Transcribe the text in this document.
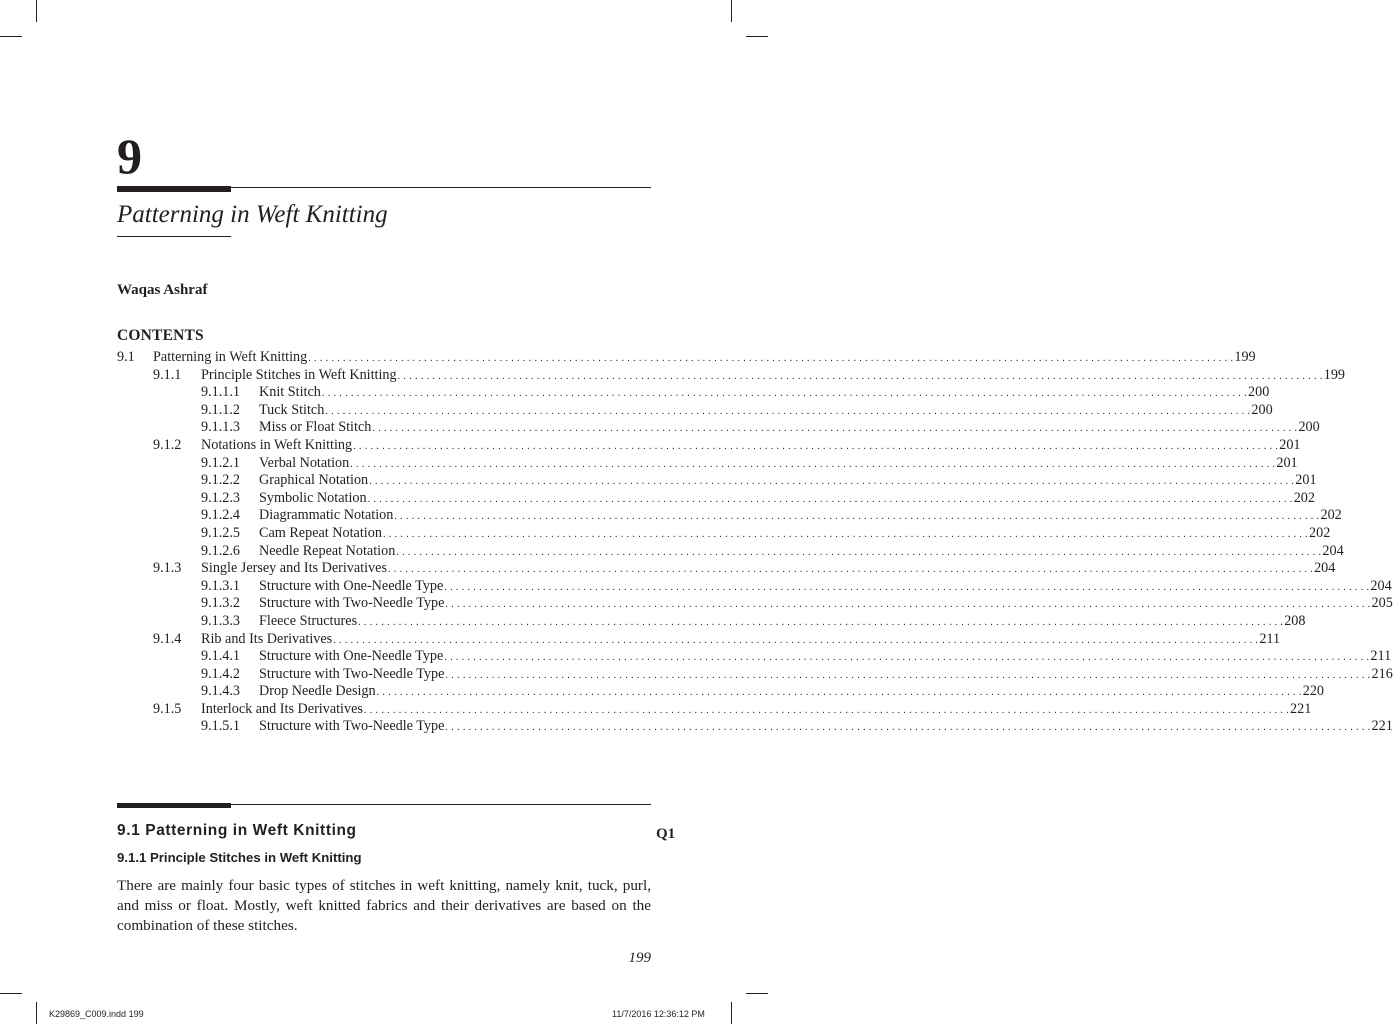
9
Patterning in Weft Knitting
Waqas Ashraf
CONTENTS
9.1	Patterning in Weft Knitting . . . . . . . . . . . . . . . . . . . . . . . . . . . . . . . . . . . . . . . . . . . . . . . . . . . . . . . . . . . . . . . . . . . . . . . . . . . . . . . . . . . . . . . . . . . . . . . . . . . . . . . . . . . . . . . . . . . . . . . . . . . . . . . . . . . . . . . . . . . . . . . . . . . . . . . . . . . . . . . . 199
9.1.1	Principle Stitches in Weft Knitting . . . . . . . . . . . . . . . . . . . . . . . . . . . . . . . . . . . . . . . . . . . . . . . . . . . . . . . . . . . . . . . . . . . . . . . . . . . . . . . . . . . . . . . . . . . . . . . . . . . . . . . . . . . . . . . . . . . . . . . . . . . . . . . . . . . . . . . . . . . . . . . . . . . . . . . . . . . . . . . . 199
9.1.1.1	Knit Stitch . . . . . . . . . . . . . . . . . . . . . . . . . . . . . . . . . . . . . . . . . . . . . . . . . . . . . . . . . . . . . . . . . . . . . . . . . . . . . . . . . . . . . . . . . . . . . . . . . . . . . . . . . . . . . . . . . . . . . . . . . . . . . . . . . . . . . . . . . . . . . . . . . . . . . . . . . . . . . . . . 200
9.1.1.2	Tuck Stitch . . . . . . . . . . . . . . . . . . . . . . . . . . . . . . . . . . . . . . . . . . . . . . . . . . . . . . . . . . . . . . . . . . . . . . . . . . . . . . . . . . . . . . . . . . . . . . . . . . . . . . . . . . . . . . . . . . . . . . . . . . . . . . . . . . . . . . . . . . . . . . . . . . . . . . . . . . . . . . . . 200
9.1.1.3	Miss or Float Stitch . . . . . . . . . . . . . . . . . . . . . . . . . . . . . . . . . . . . . . . . . . . . . . . . . . . . . . . . . . . . . . . . . . . . . . . . . . . . . . . . . . . . . . . . . . . . . . . . . . . . . . . . . . . . . . . . . . . . . . . . . . . . . . . . . . . . . . . . . . . . . . . . . . . . . . . . . . . . . . . . 200
9.1.2	Notations in Weft Knitting . . . . . . . . . . . . . . . . . . . . . . . . . . . . . . . . . . . . . . . . . . . . . . . . . . . . . . . . . . . . . . . . . . . . . . . . . . . . . . . . . . . . . . . . . . . . . . . . . . . . . . . . . . . . . . . . . . . . . . . . . . . . . . . . . . . . . . . . . . . . . . . . . . . . . . . . . . . . . . . . 201
9.1.2.1	Verbal Notation . . . . . . . . . . . . . . . . . . . . . . . . . . . . . . . . . . . . . . . . . . . . . . . . . . . . . . . . . . . . . . . . . . . . . . . . . . . . . . . . . . . . . . . . . . . . . . . . . . . . . . . . . . . . . . . . . . . . . . . . . . . . . . . . . . . . . . . . . . . . . . . . . . . . . . . . . . . . . . . . 201
9.1.2.2	Graphical Notation . . . . . . . . . . . . . . . . . . . . . . . . . . . . . . . . . . . . . . . . . . . . . . . . . . . . . . . . . . . . . . . . . . . . . . . . . . . . . . . . . . . . . . . . . . . . . . . . . . . . . . . . . . . . . . . . . . . . . . . . . . . . . . . . . . . . . . . . . . . . . . . . . . . . . . . . . . . . . . . . 201
9.1.2.3	Symbolic Notation . . . . . . . . . . . . . . . . . . . . . . . . . . . . . . . . . . . . . . . . . . . . . . . . . . . . . . . . . . . . . . . . . . . . . . . . . . . . . . . . . . . . . . . . . . . . . . . . . . . . . . . . . . . . . . . . . . . . . . . . . . . . . . . . . . . . . . . . . . . . . . . . . . . . . . . . . . . . . . . . 202
9.1.2.4	Diagrammatic Notation . . . . . . . . . . . . . . . . . . . . . . . . . . . . . . . . . . . . . . . . . . . . . . . . . . . . . . . . . . . . . . . . . . . . . . . . . . . . . . . . . . . . . . . . . . . . . . . . . . . . . . . . . . . . . . . . . . . . . . . . . . . . . . . . . . . . . . . . . . . . . . . . . . . . . . . . . . . . . . . . 202
9.1.2.5	Cam Repeat Notation . . . . . . . . . . . . . . . . . . . . . . . . . . . . . . . . . . . . . . . . . . . . . . . . . . . . . . . . . . . . . . . . . . . . . . . . . . . . . . . . . . . . . . . . . . . . . . . . . . . . . . . . . . . . . . . . . . . . . . . . . . . . . . . . . . . . . . . . . . . . . . . . . . . . . . . . . . . . . . . . 202
9.1.2.6	Needle Repeat Notation . . . . . . . . . . . . . . . . . . . . . . . . . . . . . . . . . . . . . . . . . . . . . . . . . . . . . . . . . . . . . . . . . . . . . . . . . . . . . . . . . . . . . . . . . . . . . . . . . . . . . . . . . . . . . . . . . . . . . . . . . . . . . . . . . . . . . . . . . . . . . . . . . . . . . . . . . . . . . . . . 204
9.1.3	Single Jersey and Its Derivatives . . . . . . . . . . . . . . . . . . . . . . . . . . . . . . . . . . . . . . . . . . . . . . . . . . . . . . . . . . . . . . . . . . . . . . . . . . . . . . . . . . . . . . . . . . . . . . . . . . . . . . . . . . . . . . . . . . . . . . . . . . . . . . . . . . . . . . . . . . . . . . . . . . . . . . . . . . . . . . . . 204
9.1.3.1	Structure with One-Needle Type . . . . . . . . . . . . . . . . . . . . . . . . . . . . . . . . . . . . . . . . . . . . . . . . . . . . . . . . . . . . . . . . . . . . . . . . . . . . . . . . . . . . . . . . . . . . . . . . . . . . . . . . . . . . . . . . . . . . . . . . . . . . . . . . . . . . . . . . . . . . . . . . . . . . . . . . . . . . . . . . 204
9.1.3.2	Structure with Two-Needle Type . . . . . . . . . . . . . . . . . . . . . . . . . . . . . . . . . . . . . . . . . . . . . . . . . . . . . . . . . . . . . . . . . . . . . . . . . . . . . . . . . . . . . . . . . . . . . . . . . . . . . . . . . . . . . . . . . . . . . . . . . . . . . . . . . . . . . . . . . . . . . . . . . . . . . . . . . . . . . . . . 205
9.1.3.3	Fleece Structures . . . . . . . . . . . . . . . . . . . . . . . . . . . . . . . . . . . . . . . . . . . . . . . . . . . . . . . . . . . . . . . . . . . . . . . . . . . . . . . . . . . . . . . . . . . . . . . . . . . . . . . . . . . . . . . . . . . . . . . . . . . . . . . . . . . . . . . . . . . . . . . . . . . . . . . . . . . . . . . . 208
9.1.4	Rib and Its Derivatives . . . . . . . . . . . . . . . . . . . . . . . . . . . . . . . . . . . . . . . . . . . . . . . . . . . . . . . . . . . . . . . . . . . . . . . . . . . . . . . . . . . . . . . . . . . . . . . . . . . . . . . . . . . . . . . . . . . . . . . . . . . . . . . . . . . . . . . . . . . . . . . . . . . . . . . . . . . . . . . . 211
9.1.4.1	Structure with One-Needle Type . . . . . . . . . . . . . . . . . . . . . . . . . . . . . . . . . . . . . . . . . . . . . . . . . . . . . . . . . . . . . . . . . . . . . . . . . . . . . . . . . . . . . . . . . . . . . . . . . . . . . . . . . . . . . . . . . . . . . . . . . . . . . . . . . . . . . . . . . . . . . . . . . . . . . . . . . . . . . . . . 211
9.1.4.2	Structure with Two-Needle Type . . . . . . . . . . . . . . . . . . . . . . . . . . . . . . . . . . . . . . . . . . . . . . . . . . . . . . . . . . . . . . . . . . . . . . . . . . . . . . . . . . . . . . . . . . . . . . . . . . . . . . . . . . . . . . . . . . . . . . . . . . . . . . . . . . . . . . . . . . . . . . . . . . . . . . . . . . . . . . . . 216
9.1.4.3	Drop Needle Design . . . . . . . . . . . . . . . . . . . . . . . . . . . . . . . . . . . . . . . . . . . . . . . . . . . . . . . . . . . . . . . . . . . . . . . . . . . . . . . . . . . . . . . . . . . . . . . . . . . . . . . . . . . . . . . . . . . . . . . . . . . . . . . . . . . . . . . . . . . . . . . . . . . . . . . . . . . . . . . . 220
9.1.5	Interlock and Its Derivatives . . . . . . . . . . . . . . . . . . . . . . . . . . . . . . . . . . . . . . . . . . . . . . . . . . . . . . . . . . . . . . . . . . . . . . . . . . . . . . . . . . . . . . . . . . . . . . . . . . . . . . . . . . . . . . . . . . . . . . . . . . . . . . . . . . . . . . . . . . . . . . . . . . . . . . . . . . . . . . . . 221
9.1.5.1	Structure with Two-Needle Type . . . . . . . . . . . . . . . . . . . . . . . . . . . . . . . . . . . . . . . . . . . . . . . . . . . . . . . . . . . . . . . . . . . . . . . . . . . . . . . . . . . . . . . . . . . . . . . . . . . . . . . . . . . . . . . . . . . . . . . . . . . . . . . . . . . . . . . . . . . . . . . . . . . . . . . . . . . . . . . . 221
9.1 Patterning in Weft Knitting	Q1
9.1.1 Principle Stitches in Weft Knitting
There are mainly four basic types of stitches in weft knitting, namely knit, tuck, purl, and miss or float. Mostly, weft knitted fabrics and their derivatives are based on the combination of these stitches.
199
K29869_C009.indd 199	11/7/2016 12:36:12 PM
